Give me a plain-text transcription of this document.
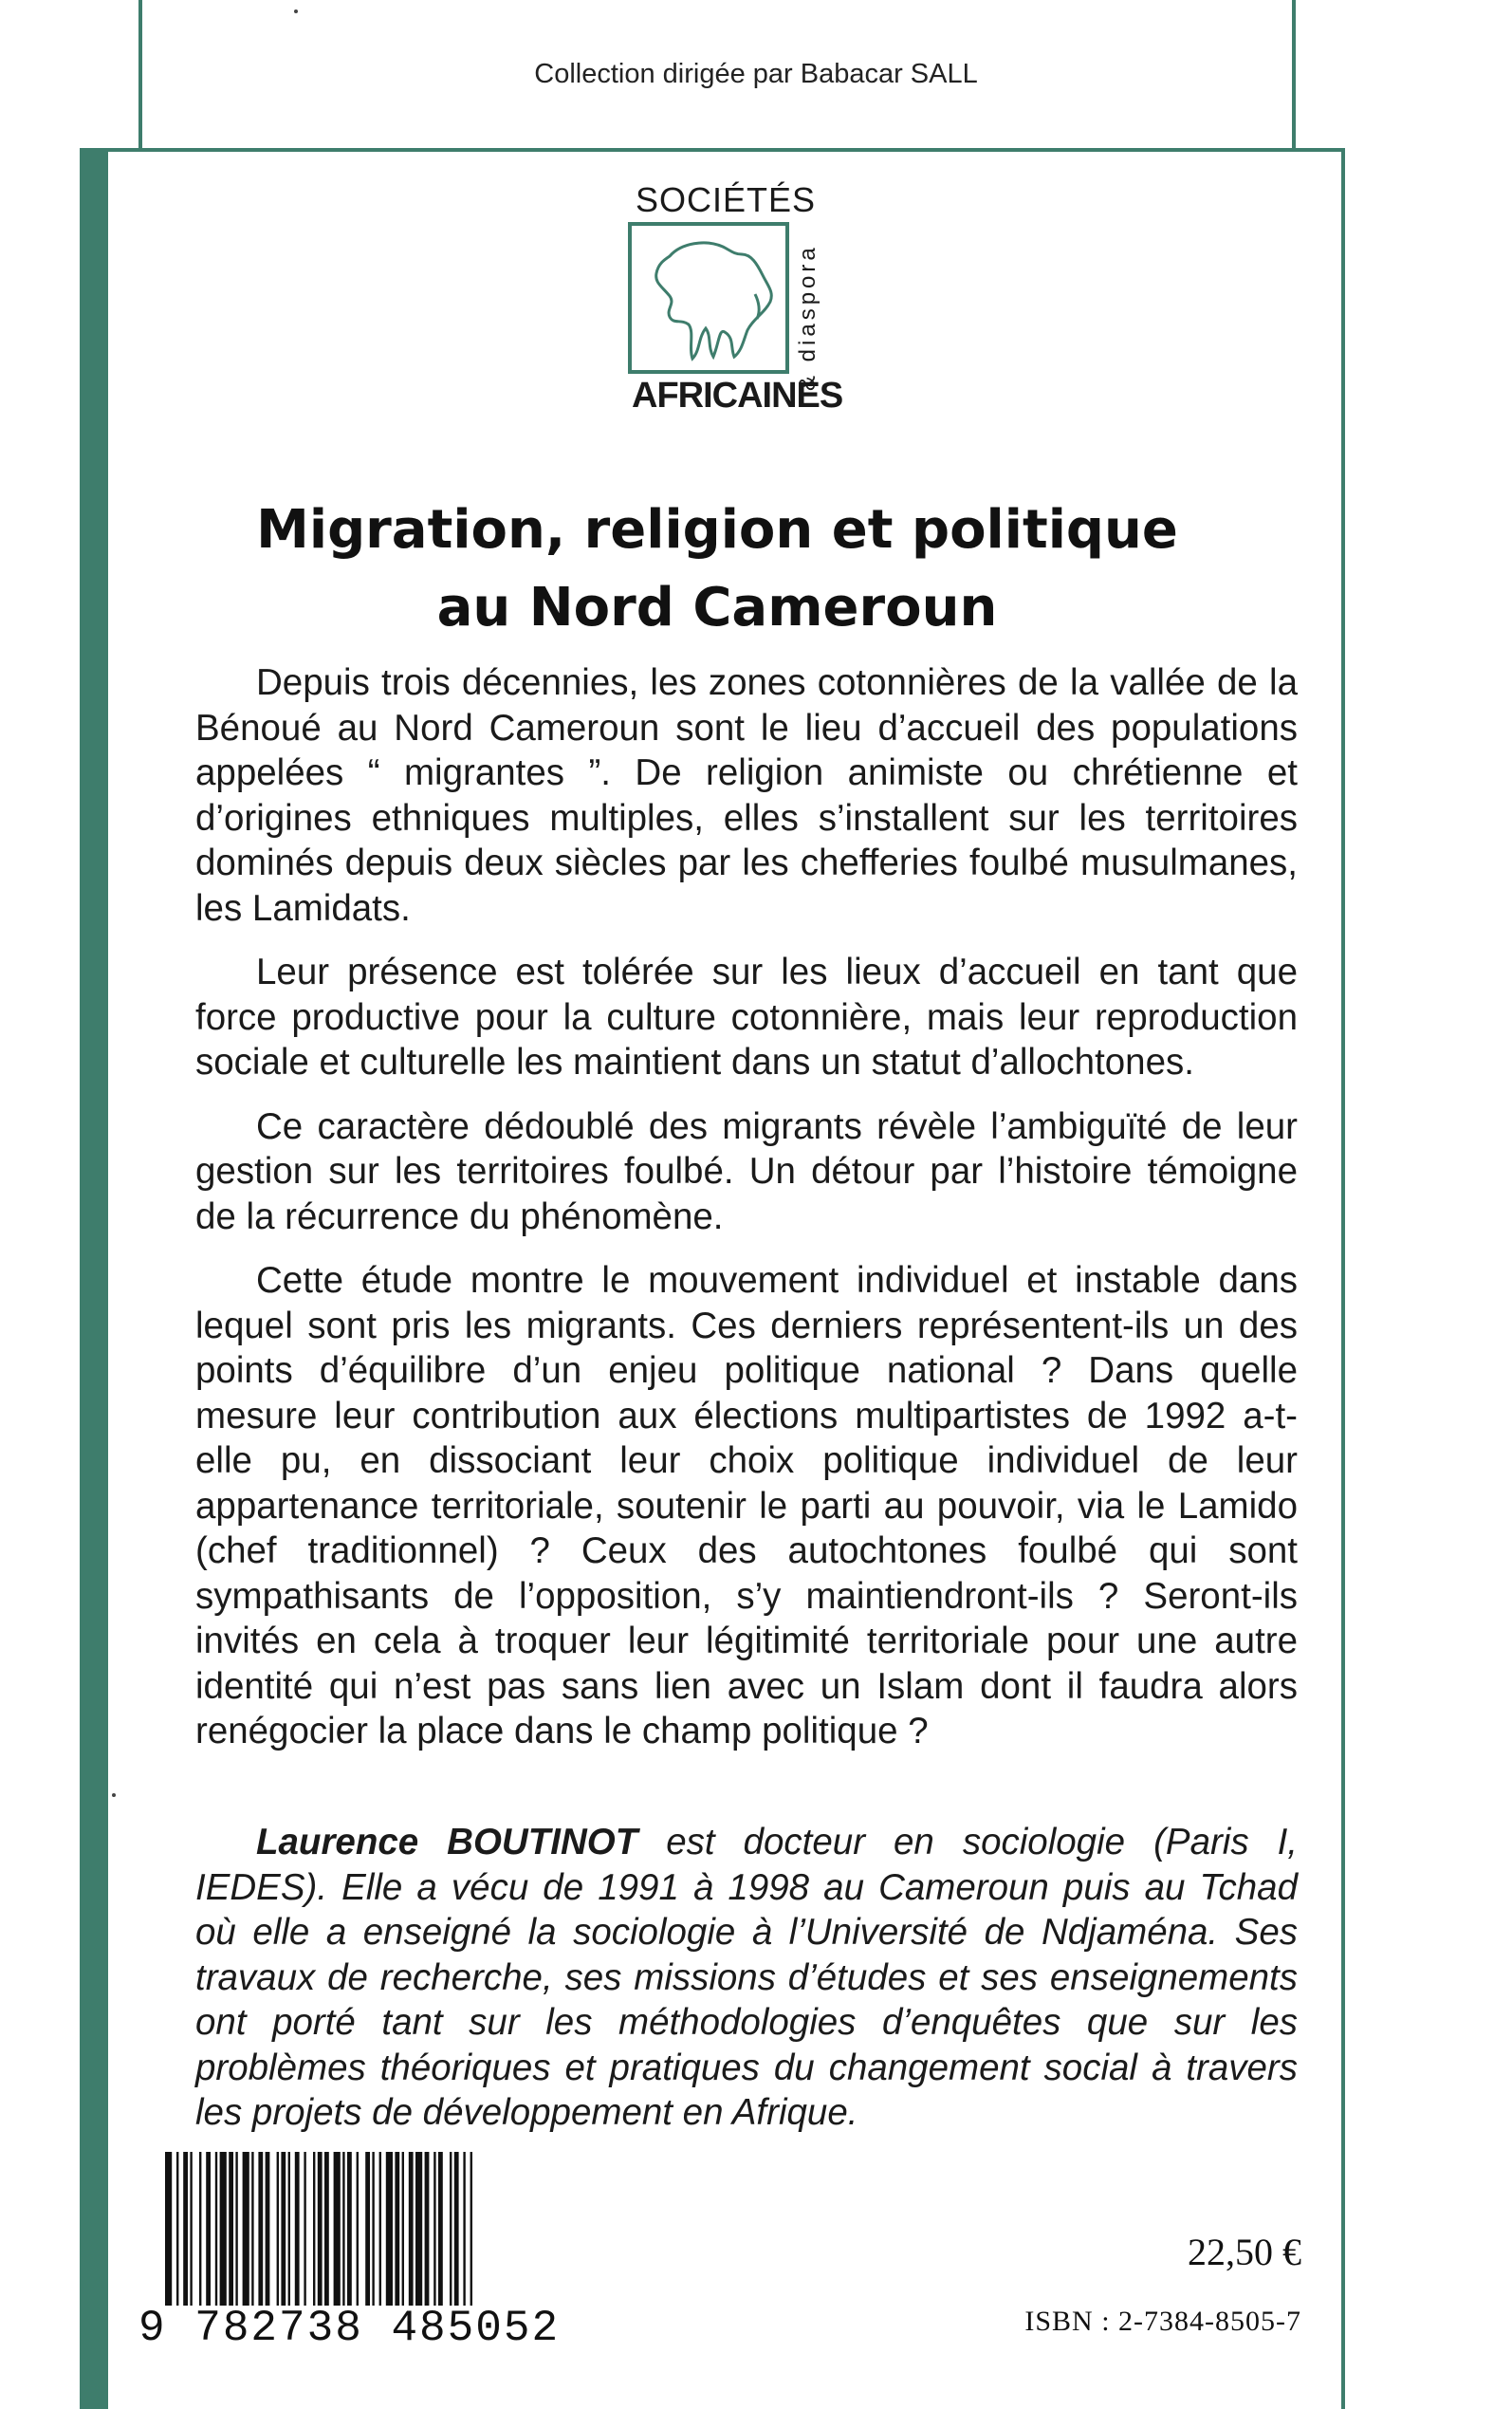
Collection dirigée par Babacar SALL
SOCIÉTÉS
AFRICAINES
& diaspora
Migration, religion et politique
au Nord Cameroun

Depuis trois décennies, les zones cotonnières de la vallée de la Bénoué au Nord Cameroun sont le lieu d’accueil des populations appelées “ migrantes ”. De religion animiste ou chrétienne et d’origines ethniques multiples, elles s’installent sur les territoires dominés depuis deux siècles par les chefferies foulbé musulmanes, les Lamidats.

Leur présence est tolérée sur les lieux d’accueil en tant que force productive pour la culture cotonnière, mais leur reproduction sociale et culturelle les maintient dans un statut d’allochtones.

Ce caractère dédoublé des migrants révèle l’ambiguïté de leur gestion sur les territoires foulbé. Un détour par l’histoire témoigne de la récurrence du phénomène.

Cette étude montre le mouvement individuel et instable dans lequel sont pris les migrants. Ces derniers représentent-ils un des points d’équilibre d’un enjeu politique national ? Dans quelle mesure leur contribution aux élections multipartistes de 1992 a-t-elle pu, en dissociant leur choix politique individuel de leur appartenance territoriale, soutenir le parti au pouvoir, via le Lamido (chef traditionnel) ? Ceux des autochtones foulbé qui sont sympathisants de l’opposition, s’y maintiendront-ils ? Seront-ils invités en cela à troquer leur légitimité territoriale pour une autre identité qui n’est pas sans lien avec un Islam dont il faudra alors renégocier la place dans le champ politique ?

Laurence BOUTINOT est docteur en sociologie (Paris I, IEDES). Elle a vécu de 1991 à 1998 au Cameroun puis au Tchad où elle a enseigné la sociologie à l’Université de Ndjaména. Ses travaux de recherche, ses missions d’études et ses enseignements ont porté tant sur les méthodologies d’enquêtes que sur les problèmes théoriques et pratiques du changement social à travers les projets de développement en Afrique.
9 782738 485052
22,50 €
ISBN : 2-7384-8505-7
